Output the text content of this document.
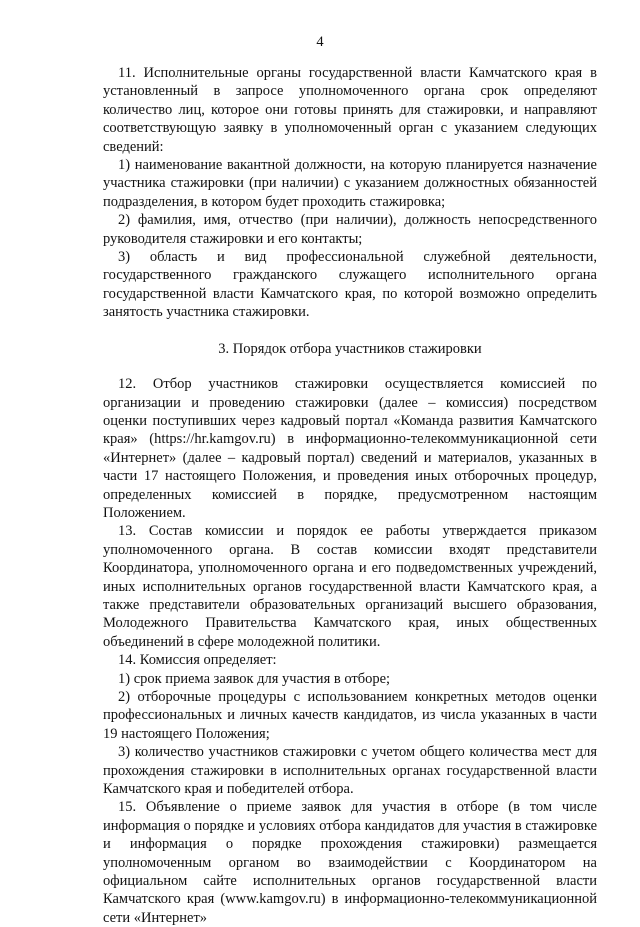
4

11. Исполнительные органы государственной власти Камчатского края в установленный в запросе уполномоченного органа срок определяют количество лиц, которое они готовы принять для стажировки, и направляют соответствующую заявку в уполномоченный орган с указанием следующих сведений:

1) наименование вакантной должности, на которую планируется назначение участника стажировки (при наличии) с указанием должностных обязанностей подразделения, в котором будет проходить стажировка;

2) фамилия, имя, отчество (при наличии), должность непосредственного руководителя стажировки и его контакты;

3) область и вид профессиональной служебной деятельности, государственного гражданского служащего исполнительного органа государственной власти Камчатского края, по которой возможно определить занятость участника стажировки.

3. Порядок отбора участников стажировки

12. Отбор участников стажировки осуществляется комиссией по организации и проведению стажировки (далее – комиссия) посредством оценки поступивших через кадровый портал «Команда развития Камчатского края» (https://hr.kamgov.ru) в информационно-телекоммуникационной сети «Интернет» (далее – кадровый портал) сведений и материалов, указанных в части 17 настоящего Положения, и проведения иных отборочных процедур, определенных комиссией в порядке, предусмотренном настоящим Положением.

13. Состав комиссии и порядок ее работы утверждается приказом уполномоченного органа. В состав комиссии входят представители Координатора, уполномоченного органа и его подведомственных учреждений, иных исполнительных органов государственной власти Камчатского края, а также представители образовательных организаций высшего образования, Молодежного Правительства Камчатского края, иных общественных объединений в сфере молодежной политики.

14. Комиссия определяет:

1) срок приема заявок для участия в отборе;

2) отборочные процедуры с использованием конкретных методов оценки профессиональных и личных качеств кандидатов, из числа указанных в части 19 настоящего Положения;

3) количество участников стажировки с учетом общего количества мест для прохождения стажировки в исполнительных органах государственной власти Камчатского края и победителей отбора.

15. Объявление о приеме заявок для участия в отборе (в том числе информация о порядке и условиях отбора кандидатов для участия в стажировке и информация о порядке прохождения стажировки) размещается уполномоченным органом во взаимодействии с Координатором на официальном сайте исполнительных органов государственной власти Камчатского края (www.kamgov.ru) в информационно-телекоммуникационной сети «Интернет»
